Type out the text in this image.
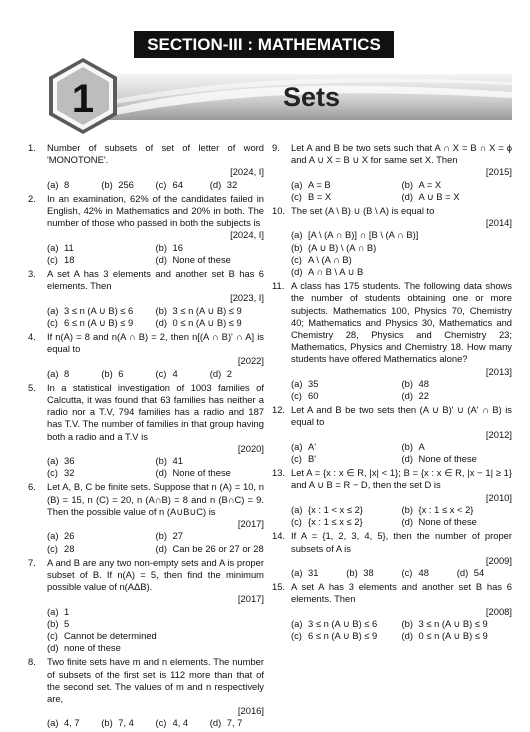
SECTION-III : MATHEMATICS
1	Sets
1.	Number of subsets of set of letter of word 'MONOTONE'.
[2024, I]
(a) 8	(b) 256 (c) 64	(d) 32
2.	In an examination, 62% of the candidates failed in English, 42% in Mathematics and 20% in both. The number of those who passed in both the subjects is
[2024, I]
(a) 11	(b) 16
(c) 18	(d) None of these
3.	A set A has 3 elements and another set B has 6 elements. Then
[2023, I]
(a) 3 ≤ n (A ∪ B) ≤ 6 (b) 3 ≤ n (A ∪ B) ≤ 9
(c) 6 ≤ n (A ∪ B) ≤ 9 (d) 0 ≤ n (A ∪ B) ≤ 9
4.	If n(A) = 8 and n(A ∩ B) = 2, then n[(A ∩ B)' ∩ A] is equal to
[2022]
(a) 8	(b) 6	(c) 4	(d) 2
5.	In a statistical investigation of 1003 families of Calcutta, it was found that 63 families has neither a radio nor a T.V, 794 families has a radio and 187 has T.V. The number of families in that group having both a radio and a T.V is
[2020]
(a) 36	(b) 41
(c) 32	(d) None of these
6.	Let A, B, C be finite sets. Suppose that n (A) = 10, n (B) = 15, n (C) = 20, n (A∩B) = 8 and n (B∩C) = 9. Then the possible value of n (A∪B∪C) is
[2017]
(a) 26	(b) 27
(c) 28	(d) Can be 26 or 27 or 28
7.	A and B are any two non-empty sets and A is proper subset of B. If n(A) = 5, then find the minimum possible value of n(AΔB).
[2017]
(a) 1
(b) 5
(c) Cannot be determined
(d) none of these
8.	Two finite sets have m and n elements. The number of subsets of the first set is 112 more than that of the second set. The values of m and n respectively are,
[2016]
(a) 4, 7 (b) 7, 4 (c) 4, 4 (d) 7, 7
9.	Let A and B be two sets such that A ∩ X = B ∩ X = ϕ and A ∪ X = B ∪ X for same set X. Then
[2015]
(a) A = B	(b) A = X
(c) B = X	(d) A ∪ B = X
10. The set (A \ B) ∪ (B \ A) is equal to
[2014]
(a) [A \ (A ∩ B)] ∩ [B \ (A ∩ B)]
(b) (A ∪ B) \ (A ∩ B)
(c) A \ (A ∩ B)
(d) A ∩ B \ A ∪ B
11. A class has 175 students. The following data shows the number of students obtaining one or more subjects. Mathematics 100, Physics 70, Chemistry 40; Mathematics and Physics 30, Mathematics and Chemistry 28, Physics and Chemistry 23; Mathematics, Physics and Chemistry 18. How many students have offered Mathematics alone?
[2013]
(a) 35	(b) 48
(c) 60	(d) 22
12. Let A and B be two sets then (A ∪ B)' ∪ (A' ∩ B) is equal to
[2012]
(a) A'	(b) A
(c) B'	(d) None of these
13. Let A = {x : x ∈ R, |x| < 1}; B = {x : x ∈ R, |x − 1| ≥ 1} and A ∪ B = R − D, then the set D is
[2010]
(a) {x : 1 < x ≤ 2}	(b) {x : 1 ≤ x < 2}
(c) {x : 1 ≤ x ≤ 2}	(d) None of these
14. If A = {1, 2, 3, 4, 5}, then the number of proper subsets of A is
[2009]
(a) 31	(b) 38	(c) 48	(d) 54
15. A set A has 3 elements and another set B has 6 elements. Then
[2008]
(a) 3 ≤ n (A ∪ B) ≤ 6	(b) 3 ≤ n (A ∪ B) ≤ 9
(c) 6 ≤ n (A ∪ B) ≤ 9	(d) 0 ≤ n (A ∪ B) ≤ 9
